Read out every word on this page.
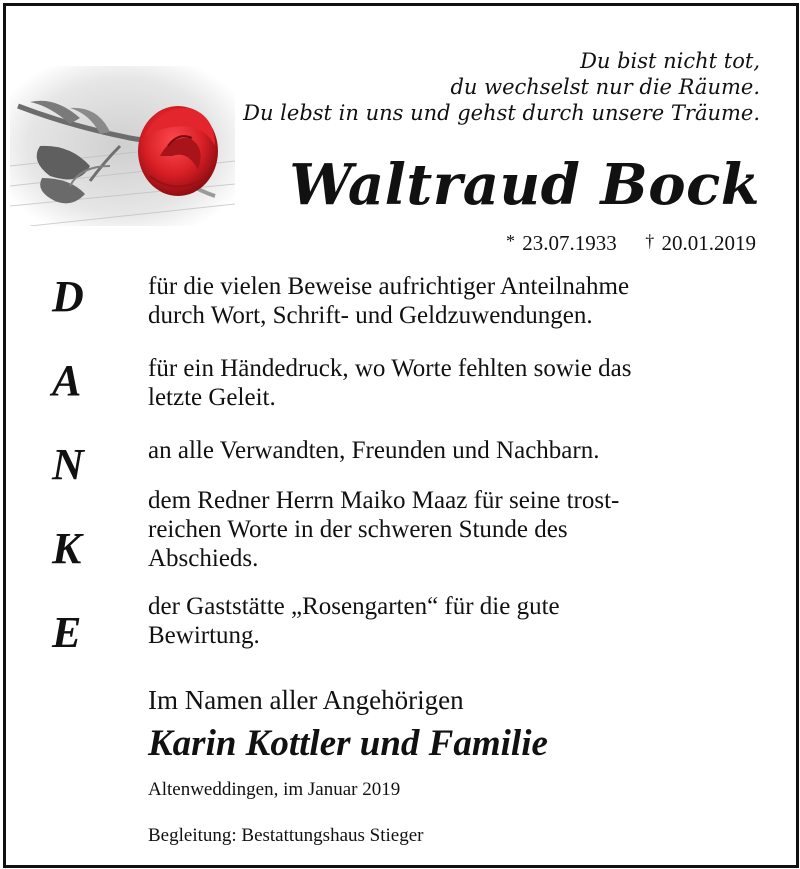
Du bist nicht tot,
du wechselst nur die Räume.
Du lebst in uns und gehst durch unsere Träume.
Waltraud Bock
* 23.07.1933 † 20.01.2019
D
A
N
K
E

für die vielen Beweise aufrichtiger Anteilnahme
durch Wort, Schrift- und Geldzuwendungen.

für ein Händedruck, wo Worte fehlten sowie das
letzte Geleit.

an alle Verwandten, Freunden und Nachbarn.

dem Redner Herrn Maiko Maaz für seine trost-
reichen Worte in der schweren Stunde des
Abschieds.

der Gaststätte „Rosengarten“ für die gute
Bewirtung.

Im Namen aller Angehörigen
Karin Kottler und Familie
Altenweddingen, im Januar 2019
Begleitung: Bestattungshaus Stieger
